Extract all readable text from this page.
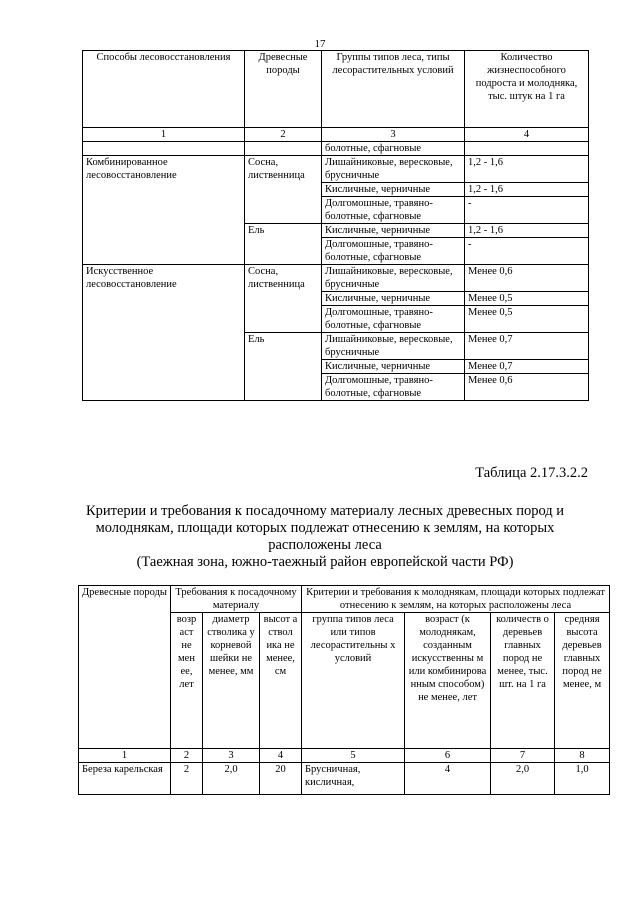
17
Способы лесовосстановления	Древесные породы	Группы типов леса, типы лесорастительных условий	Количество жизнеспособного подроста и молодняка, тыс. штук на 1 га
1	2	3	4
		болотные, сфагновые	
Комбинированное лесовосстановление	Сосна, лиственница	Лишайниковые, вересковые, брусничные	1,2 - 1,6
		Кисличные, черничные	1,2 - 1,6
		Долгомошные, травяно-болотные, сфагновые	-
	Ель	Кисличные, черничные	1,2 - 1,6
		Долгомошные, травяно-болотные, сфагновые	-
Искусственное лесовосстановление	Сосна, лиственница	Лишайниковые, вересковые, брусничные	Менее 0,6
		Кисличные, черничные	Менее 0,5
		Долгомошные, травяно-болотные, сфагновые	Менее 0,5
	Ель	Лишайниковые, вересковые, брусничные	Менее 0,7
		Кисличные, черничные	Менее 0,7
		Долгомошные, травяно-болотные, сфагновые	Менее 0,6
Таблица 2.17.3.2.2
Критерии и требования к посадочному материалу лесных древесных пород и
молоднякам, площади которых подлежат отнесению к землям, на которых
расположены леса
(Таежная зона, южно-таежный район европейской части РФ)
Древесные породы	Требования к посадочному материалу			Критерии и требования к молоднякам, площади которых подлежат отнесению к землям, на которых расположены леса			
	возр аст не мен ее, лет	диаметр стволика у корневой шейки не менее, мм	высот а ствол ика не менее, см	группа типов леса или типов лесорастительны х условий	возраст (к молоднякам, созданным искусственны м или комбинирова нным способом) не менее, лет	количеств о деревьев главных пород не менее, тыс. шт. на 1 га	средняя высота деревьев главных пород не менее, м
1	2	3	4	5	6	7	8
Береза карельская	2	2,0	20	Брусничная, кисличная,	4	2,0	1,0
